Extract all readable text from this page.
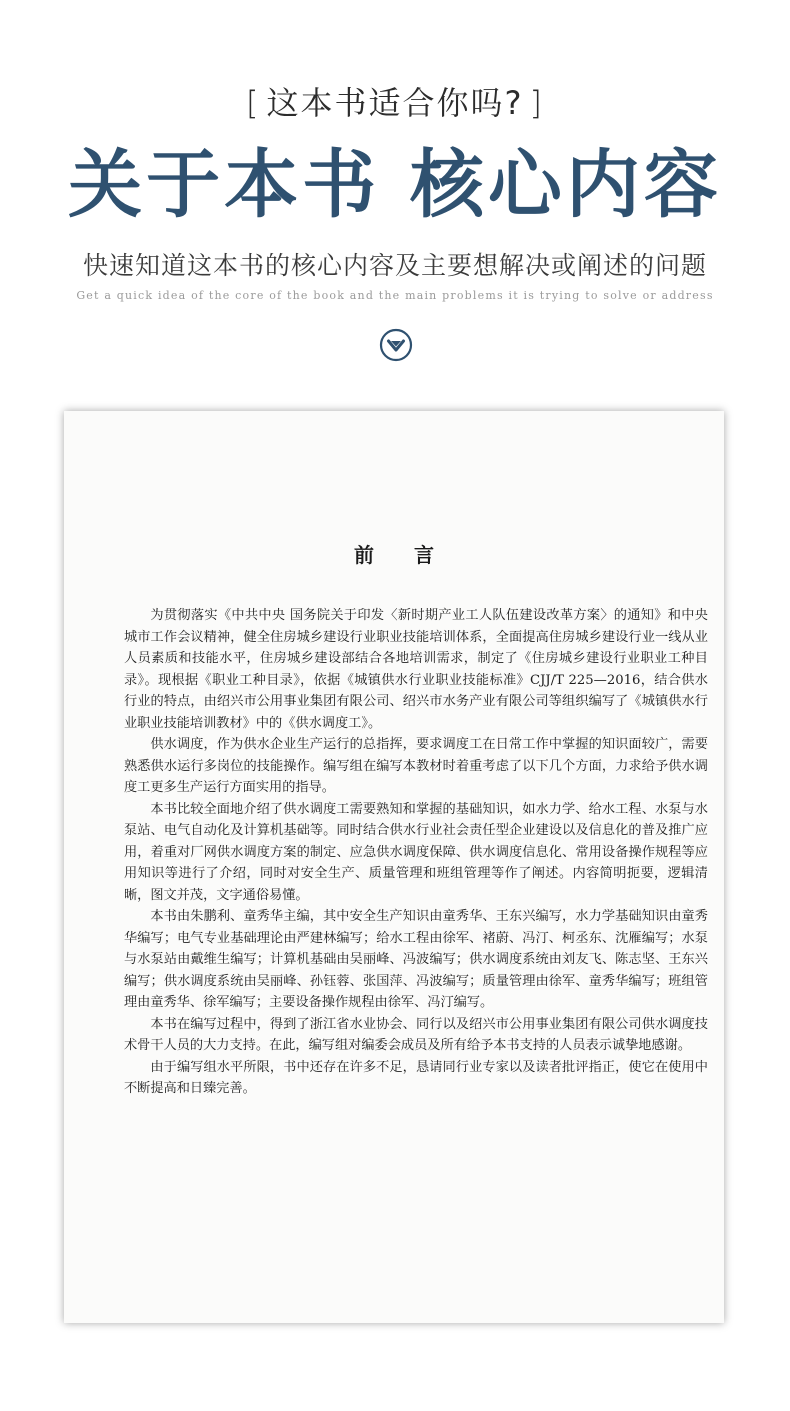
[ 这本书适合你吗? ]
关于本书 核心内容
快速知道这本书的核心内容及主要想解决或阐述的问题
Get a quick idea of the core of the book and the main problems it is trying to solve or address
前言

为贯彻落实《中共中央 国务院关于印发〈新时期产业工人队伍建设改革方案〉的通知》和中央城市工作会议精神，健全住房城乡建设行业职业技能培训体系，全面提高住房城乡建设行业一线从业人员素质和技能水平，住房城乡建设部结合各地培训需求，制定了《住房城乡建设行业职业工种目录》。现根据《职业工种目录》，依据《城镇供水行业职业技能标准》CJJ/T 225—2016，结合供水行业的特点，由绍兴市公用事业集团有限公司、绍兴市水务产业有限公司等组织编写了《城镇供水行业职业技能培训教材》中的《供水调度工》。

供水调度，作为供水企业生产运行的总指挥，要求调度工在日常工作中掌握的知识面较广，需要熟悉供水运行多岗位的技能操作。编写组在编写本教材时着重考虑了以下几个方面，力求给予供水调度工更多生产运行方面实用的指导。

本书比较全面地介绍了供水调度工需要熟知和掌握的基础知识，如水力学、给水工程、水泵与水泵站、电气自动化及计算机基础等。同时结合供水行业社会责任型企业建设以及信息化的普及推广应用，着重对厂网供水调度方案的制定、应急供水调度保障、供水调度信息化、常用设备操作规程等应用知识等进行了介绍，同时对安全生产、质量管理和班组管理等作了阐述。内容简明扼要，逻辑清晰，图文并茂，文字通俗易懂。

本书由朱鹏利、童秀华主编，其中安全生产知识由童秀华、王东兴编写，水力学基础知识由童秀华编写；电气专业基础理论由严建林编写；给水工程由徐军、褚蔚、冯汀、柯丞东、沈雁编写；水泵与水泵站由戴维生编写；计算机基础由吴丽峰、冯波编写；供水调度系统由刘友飞、陈志坚、王东兴编写；供水调度系统由吴丽峰、孙钰蓉、张国萍、冯波编写；质量管理由徐军、童秀华编写；班组管理由童秀华、徐军编写；主要设备操作规程由徐军、冯汀编写。

本书在编写过程中，得到了浙江省水业协会、同行以及绍兴市公用事业集团有限公司供水调度技术骨干人员的大力支持。在此，编写组对编委会成员及所有给予本书支持的人员表示诚挚地感谢。

由于编写组水平所限，书中还存在许多不足，恳请同行业专家以及读者批评指正，使它在使用中不断提高和日臻完善。
